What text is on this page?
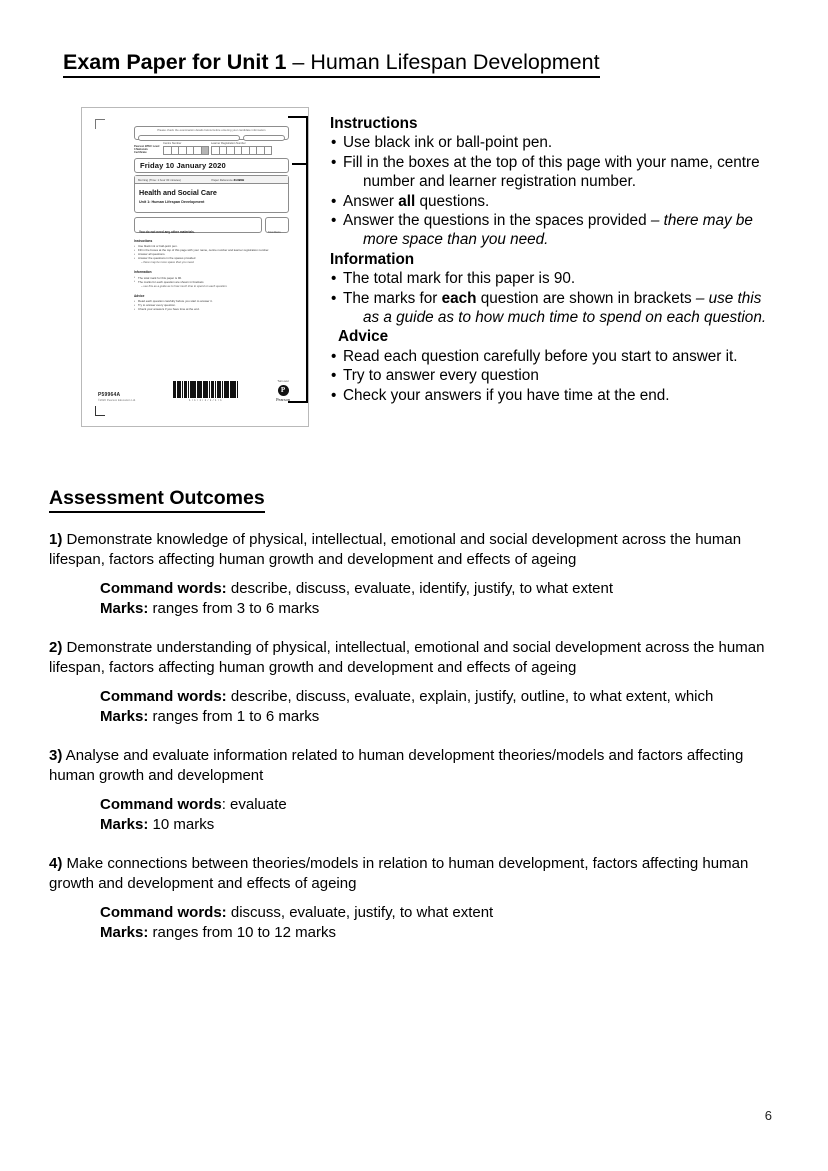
Exam Paper for Unit 1 – Human Lifespan Development
Please check the examination details below before entering your candidate information
Pearson BTEC Level 3 Nationals Certificate
Centre Number	Learner Registration Number
Friday 10 January 2020
Morning (Time: 1 hour 30 minutes)	Paper Reference 31490H
Health and Social Care
Unit 1: Human Lifespan Development
You do not need any other materials.	Total Marks
Instructions
• Use black ink or ball-point pen.
• Fill in the boxes at the top of this page with your name, centre number and learner registration number.
• Answer all questions.
• Answer the questions in the spaces provided
– there may be more space than you need.
Information
• The total mark for this paper is 90.
• The marks for each question are shown in brackets
– use this as a guide as to how much time to spend on each question.
Advice
• Read each question carefully before you start to answer it.
• Try to answer every question.
• Check your answers if you have time at the end.
P59964A
©2020 Pearson Education Ltd.	1/1/1/1/1/1/1
Turn over
P
Pearson
Instructions
• Use black ink or ball-point pen.
• Fill in the boxes at the top of this page with your name, centre
number and learner registration number.
• Answer all questions.
• Answer the questions in the spaces provided – there may be
more space than you need.
Information
• The total mark for this paper is 90.
• The marks for each question are shown in brackets – use this
as a guide as to how much time to spend on each question.
Advice
• Read each question carefully before you start to answer it.
• Try to answer every question
• Check your answers if you have time at the end.
Assessment Outcomes
1) Demonstrate knowledge of physical, intellectual, emotional and social development across the human lifespan, factors affecting human growth and development and effects of ageing
Command words: describe, discuss, evaluate, identify, justify, to what extent
Marks: ranges from 3 to 6 marks
2) Demonstrate understanding of physical, intellectual, emotional and social development across the human lifespan, factors affecting human growth and development and effects of ageing
Command words: describe, discuss, evaluate, explain, justify, outline, to what extent, which
Marks: ranges from 1 to 6 marks
3) Analyse and evaluate information related to human development theories/models and factors affecting human growth and development
Command words: evaluate
Marks: 10 marks
4) Make connections between theories/models in relation to human development, factors affecting human growth and development and effects of ageing
Command words: discuss, evaluate, justify, to what extent
Marks: ranges from 10 to 12 marks
6
